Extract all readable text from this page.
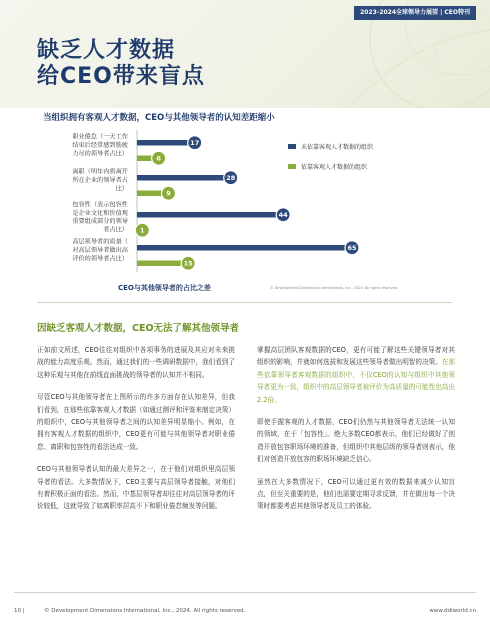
2023-2024全球领导力展望 | CEO特刊
缺乏人才数据
给CEO带来盲点
当组织拥有客观人才数据，CEO与其他领导者的认知差距缩小
职业倦怠（一天工作结束后经常感到筋疲力尽的领导者占比）
17
6
离职（明年内将离开所在企业的领导者占比）
28
9
包容性（表示包容性是企业文化和价值观重要组成部分的领导者占比）
44
1
高层领导者的质量（对高层领导者做出高评价的领导者占比）
65
15
未依靠客观人才数据的组织
依靠客观人才数据的组织
CEO与其他领导者的占比之差	© Development Dimensions International, Inc., 2024. All rights reserved.
因缺乏客观人才数据，CEO无法了解其他领导者

正如前文所述，CEO往往对组织中各项事务的进展及其应对未来挑战的能力高度乐观。然而，通过我们的一些调研数据中，我们看到了这种乐观与其他在前线直面挑战的领导者的认知并不相同。

尽管CEO与其他领导者在上图所示的许多方面存在认知差异，但我们看到，在那些依靠客观人才数据（如通过测评和评鉴来制定决策）的组织中，CEO与其他领导者之间的认知差异明显缩小。例如，在拥有客观人才数据的组织中，CEO更有可能与其他领导者对职业倦怠、离职和包容性的看法达成一致。

CEO与其他领导者认知的最大差异之一，在于他们对组织里高层领导者的看法。大多数情况下，CEO主要与高层领导者接触，对他们有着积极正面的看法。然而，中基层领导者却往往对高层领导者的评价较低，这就导致了如离职率居高不下和职业倦怠频发等问题。

掌握高层团队客观数据的CEO，更有可能了解这些关键领导者对其组织的影响，并就如何选拔和发展这些领导者做出明智的决策。在那些依靠领导者客观数据的组织中，不仅CEO的认知与组织中其他领导者更为一致，组织中的高层领导者被评价为高质量的可能性也高出2.2倍。

即使手握客观的人才数据，CEO们仍然与其他领导者无法统一认知的领域，在于「包容性」。绝大多数CEO都表示，他们已经做好了创造开放包容职场环境的准备，但组织中其他层级的领导者则表示，他们对创造开放包容的职场环境缺乏信心。

虽然在大多数情况下，CEO可以通过更有效的数据来减少认知盲点，但至关重要的是，他们也需要定期寻求反馈，并在做出每一个决策时都要考虑其他领导者及员工的体验。

10 |	© Development Dimensions International, Inc., 2024. All rights reserved.	www.ddiworld.cn
